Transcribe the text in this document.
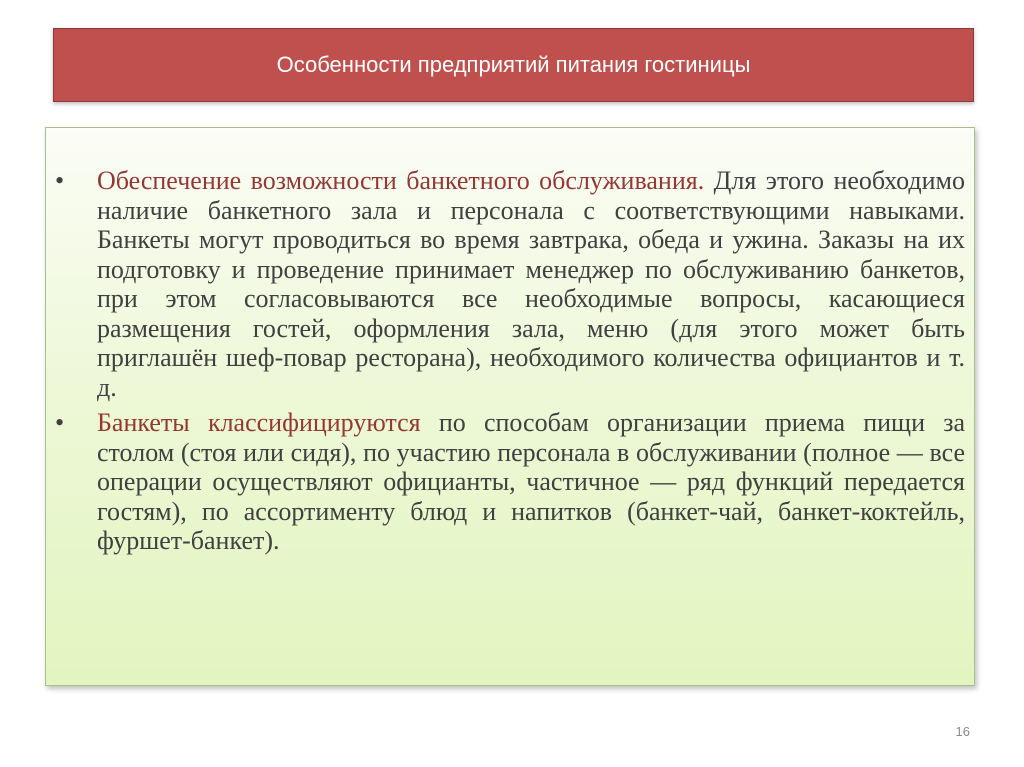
Особенности предприятий питания гостиницы
• Обеспечение возможности банкетного обслуживания. Для этого необходимо наличие банкетного зала и персонала с соответствующими навыками. Банкеты могут проводиться во время завтрака, обеда и ужина. Заказы на их подготовку и проведение принимает менеджер по обслуживанию банкетов, при этом согласовываются все необходимые вопросы, касающиеся размещения гостей, оформления зала, меню (для этого может быть приглашён шеф-повар ресторана), необходимого количества официантов и т. д.
• Банкеты классифицируются по способам организации приема пищи за столом (стоя или сидя), по участию персонала в обслуживании (полное — все операции осуществляют официанты, частичное — ряд функций передается гостям), по ассортименту блюд и напитков (банкет-чай, банкет-коктейль, фуршет-банкет).
16
